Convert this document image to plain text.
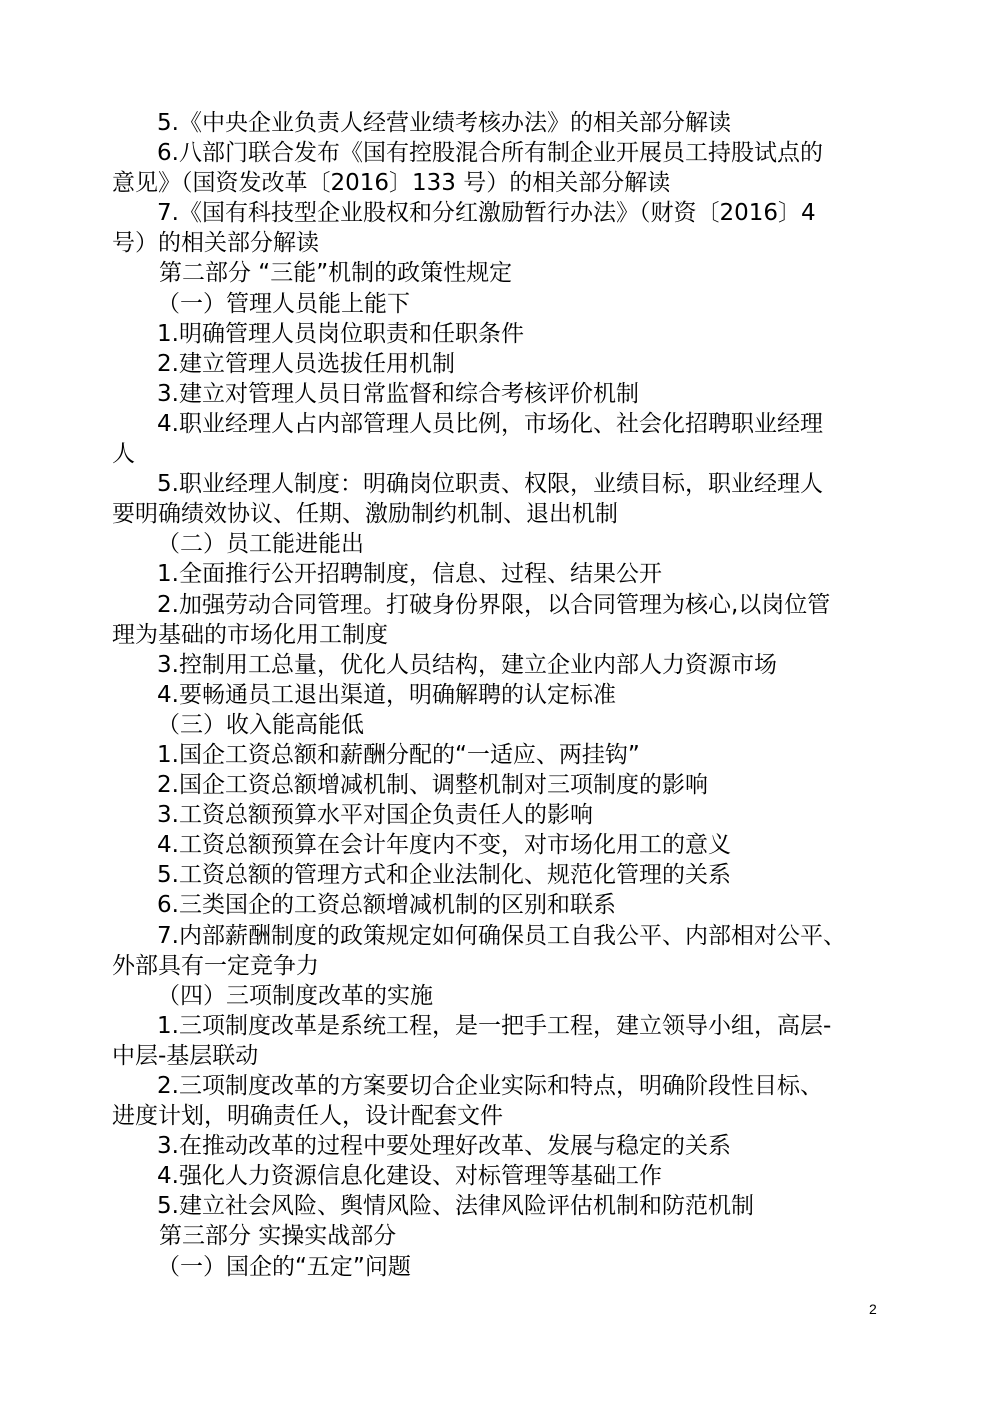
5.《中央企业负责人经营业绩考核办法》的相关部分解读
6.八部门联合发布《国有控股混合所有制企业开展员工持股试点的
意见》（国资发改革〔2016〕133 号）的相关部分解读
7.《国有科技型企业股权和分红激励暂行办法》（财资〔2016〕4
号）的相关部分解读
第二部分 “三能”机制的政策性规定
（一）管理人员能上能下
1.明确管理人员岗位职责和任职条件
2.建立管理人员选拔任用机制
3.建立对管理人员日常监督和综合考核评价机制
4.职业经理人占内部管理人员比例，市场化、社会化招聘职业经理
人
5.职业经理人制度：明确岗位职责、权限，业绩目标，职业经理人
要明确绩效协议、任期、激励制约机制、退出机制
（二）员工能进能出
1.全面推行公开招聘制度，信息、过程、结果公开
2.加强劳动合同管理。打破身份界限，以合同管理为核心,以岗位管
理为基础的市场化用工制度
3.控制用工总量，优化人员结构，建立企业内部人力资源市场
4.要畅通员工退出渠道，明确解聘的认定标准
（三）收入能高能低
1.国企工资总额和薪酬分配的“一适应、两挂钩”
2.国企工资总额增减机制、调整机制对三项制度的影响
3.工资总额预算水平对国企负责任人的影响
4.工资总额预算在会计年度内不变，对市场化用工的意义
5.工资总额的管理方式和企业法制化、规范化管理的关系
6.三类国企的工资总额增减机制的区别和联系
7.内部薪酬制度的政策规定如何确保员工自我公平、内部相对公平、
外部具有一定竞争力
（四）三项制度改革的实施
1.三项制度改革是系统工程，是一把手工程，建立领导小组，高层-
中层-基层联动
2.三项制度改革的方案要切合企业实际和特点，明确阶段性目标、
进度计划，明确责任人，设计配套文件
3.在推动改革的过程中要处理好改革、发展与稳定的关系
4.强化人力资源信息化建设、对标管理等基础工作
5.建立社会风险、舆情风险、法律风险评估机制和防范机制
第三部分 实操实战部分
（一）国企的“五定”问题
2
